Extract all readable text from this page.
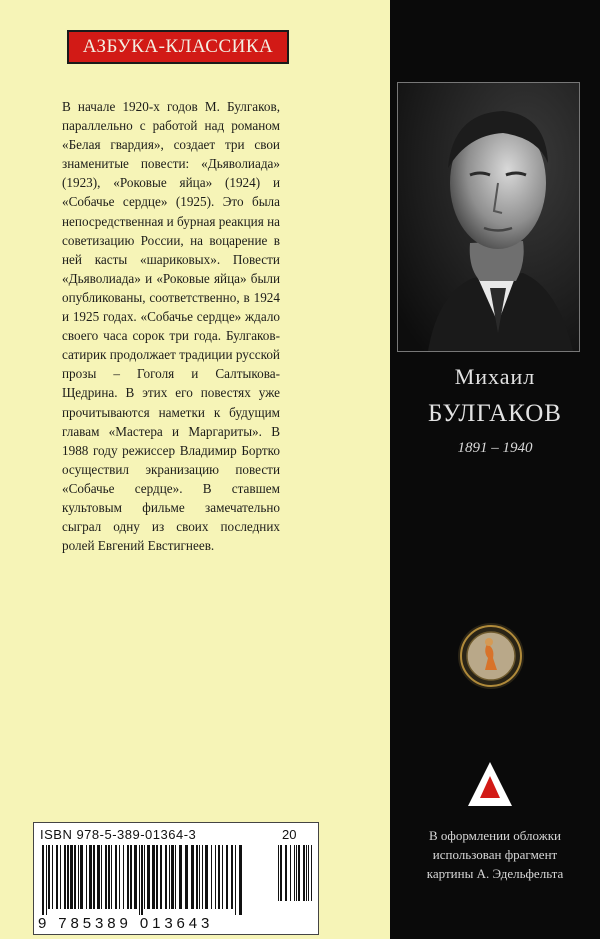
АЗБУКА-КЛАССИКА

В начале 1920-х годов М. Булгаков, параллельно с работой над романом «Белая гвардия», создает три свои знаменитые повести: «Дьяволиада» (1923), «Роковые яйца» (1924) и «Собачье сердце» (1925). Это была непосредственная и бурная реакция на советизацию России, на воцарение в ней касты «шариковых». Повести «Дьяволиада» и «Роковые яйца» были опубликованы, соответственно, в 1924 и 1925 годах. «Собачье сердце» ждало своего часа сорок три года. Булгаков-сатирик продолжает традиции русской прозы – Гоголя и Салтыкова-Щедрина. В этих его повестях уже прочитываются наметки к будущим главам «Мастера и Маргариты». В 1988 году режиссер Владимир Бортко осуществил экранизацию повести «Собачье сердце». В ставшем культовым фильме замечательно сыграл одну из своих последних ролей Евгений Евстигнеев.

Михаил
БУЛГАКОВ
1891 – 1940

В оформлении обложки
использован фрагмент
картины А. Эдельфельта

ISBN 978-5-389-01364-3	20
9 785389 013643
